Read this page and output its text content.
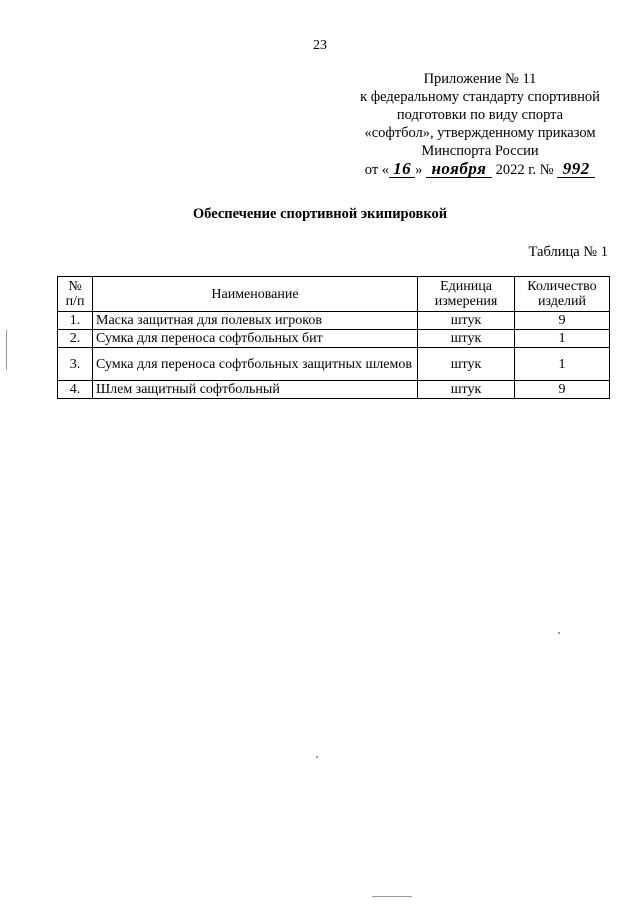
23
Приложение № 11
к федеральному стандарту спортивной
подготовки по виду спорта
«софтбол», утвержденному приказом
Минспорта России
от « 16 » ноября 2022 г. № 992
Обеспечение спортивной экипировкой
Таблица № 1
№ п/п	Наименование	Единица измерения	Количество изделий
1.	Маска защитная для полевых игроков	штук	9
2.	Сумка для переноса софтбольных бит	штук	1
3.	Сумка для переноса софтбольных защитных шлемов	штук	1
4.	Шлем защитный софтбольный	штук	9
